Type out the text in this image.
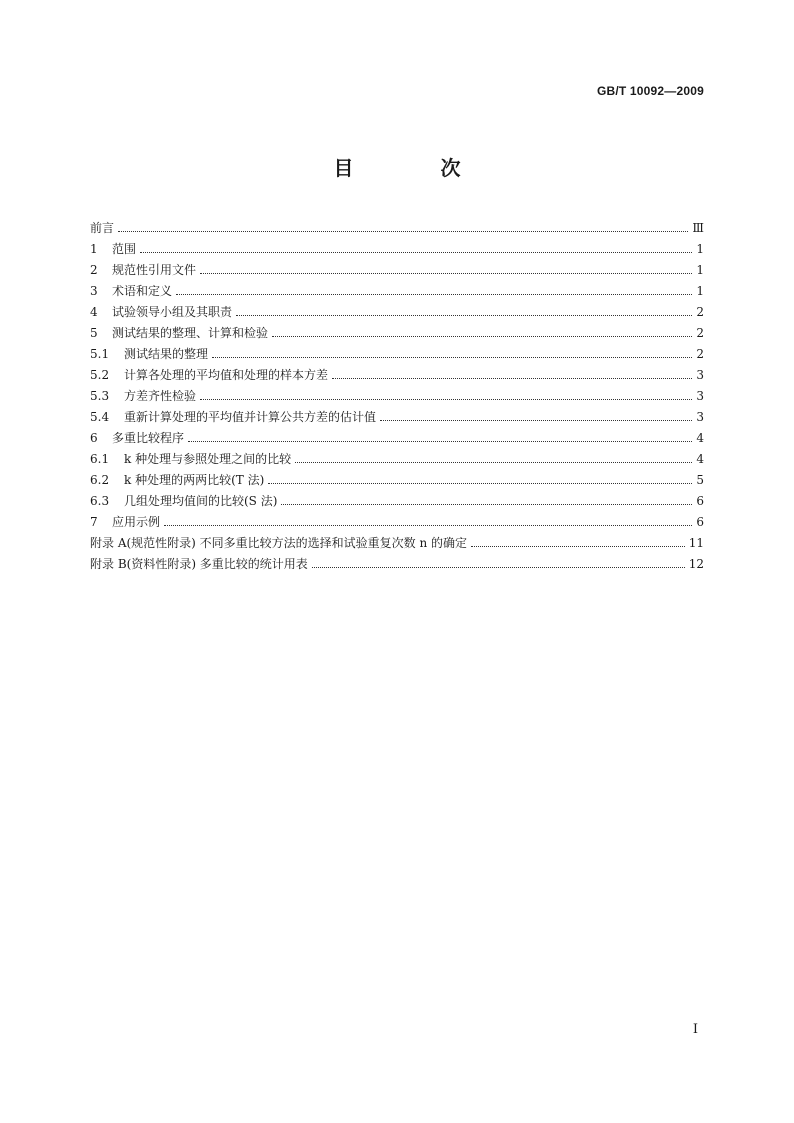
GB/T 10092—2009
目 次
前言	Ⅲ
1	范围	1
2	规范性引用文件	1
3	术语和定义	1
4	试验领导小组及其职责	2
5	测试结果的整理、计算和检验	2
5.1	测试结果的整理	2
5.2	计算各处理的平均值和处理的样本方差	3
5.3	方差齐性检验	3
5.4	重新计算处理的平均值并计算公共方差的估计值	3
6	多重比较程序	4
6.1	k 种处理与参照处理之间的比较	4
6.2	k 种处理的两两比较(T 法)	5
6.3	几组处理均值间的比较(S 法)	6
7	应用示例	6
附录 A(规范性附录) 不同多重比较方法的选择和试验重复次数 n 的确定	11
附录 B(资料性附录) 多重比较的统计用表	12
I
